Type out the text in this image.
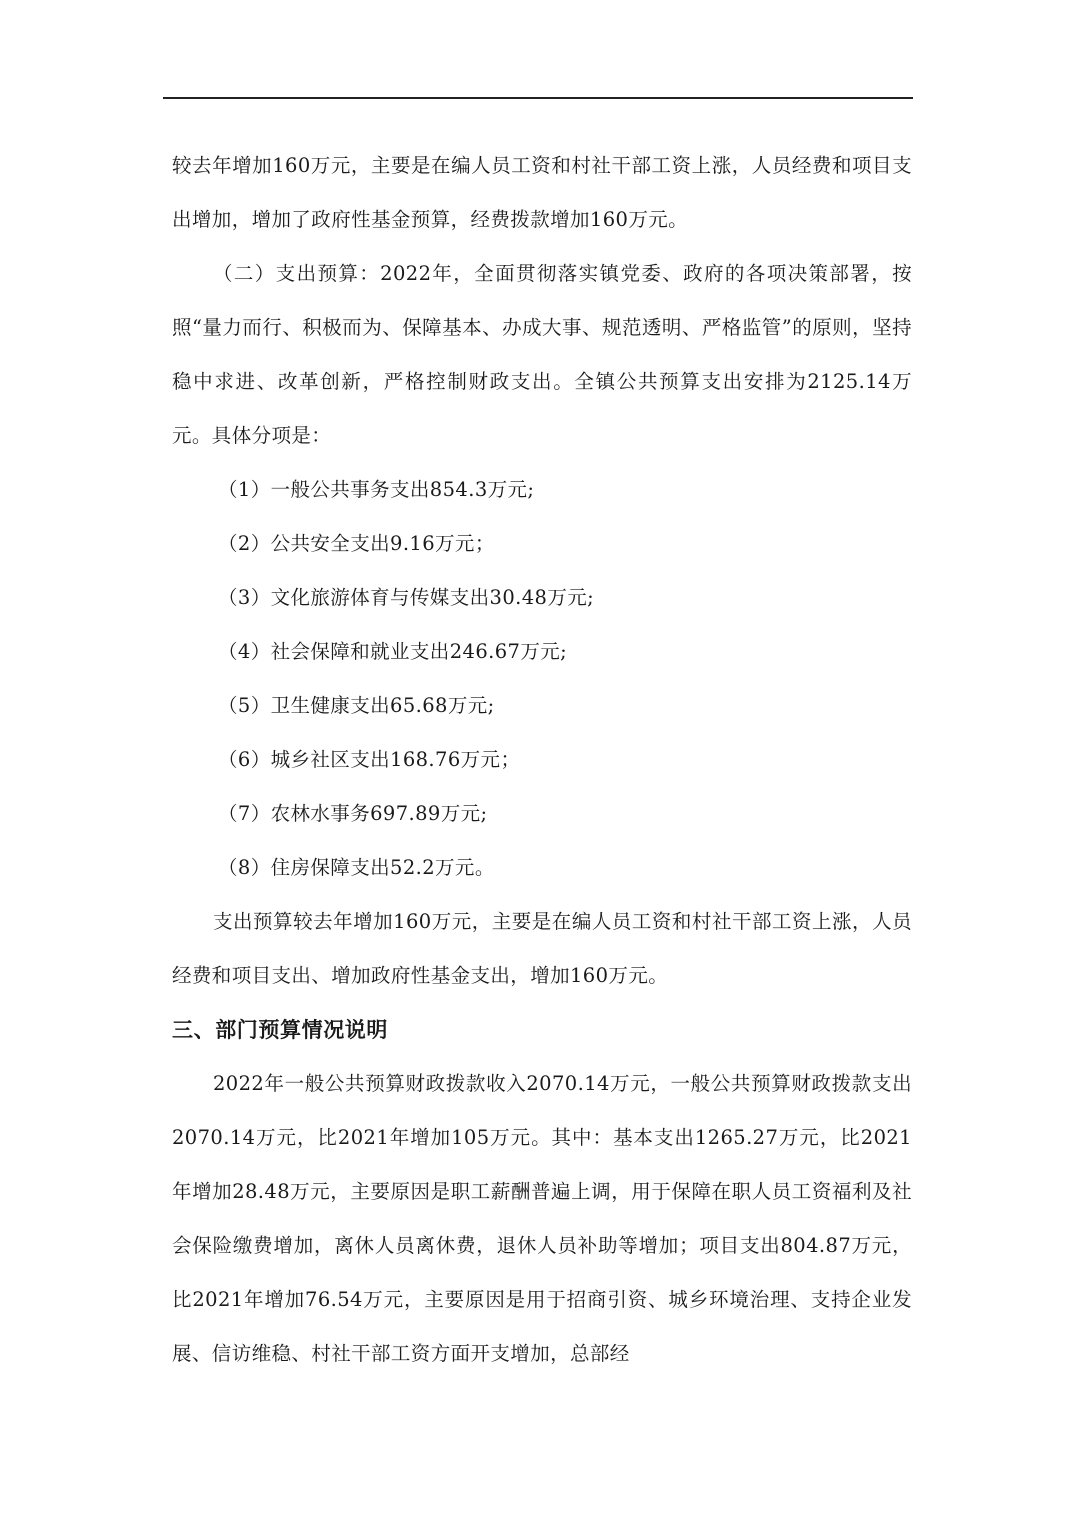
较去年增加160万元，主要是在编人员工资和村社干部工资上涨，人员经费和项目支出增加，增加了政府性基金预算，经费拨款增加160万元。

（二）支出预算：2022年，全面贯彻落实镇党委、政府的各项决策部署，按照“量力而行、积极而为、保障基本、办成大事、规范透明、严格监管”的原则，坚持稳中求进、改革创新，严格控制财政支出。全镇公共预算支出安排为2125.14万元。具体分项是：

（1）一般公共事务支出854.3万元;

（2）公共安全支出9.16万元；

（3）文化旅游体育与传媒支出30.48万元;

（4）社会保障和就业支出246.67万元;

（5）卫生健康支出65.68万元;

（6）城乡社区支出168.76万元；

（7）农林水事务697.89万元;

（8）住房保障支出52.2万元。

支出预算较去年增加160万元，主要是在编人员工资和村社干部工资上涨，人员经费和项目支出、增加政府性基金支出，增加160万元。

三、部门预算情况说明

2022年一般公共预算财政拨款收入2070.14万元，一般公共预算财政拨款支出2070.14万元，比2021年增加105万元。其中：基本支出1265.27万元，比2021年增加28.48万元，主要原因是职工薪酬普遍上调，用于保障在职人员工资福利及社会保险缴费增加，离休人员离休费，退休人员补助等增加；项目支出804.87万元，比2021年增加76.54万元，主要原因是用于招商引资、城乡环境治理、支持企业发展、信访维稳、村社干部工资方面开支增加，总部经
